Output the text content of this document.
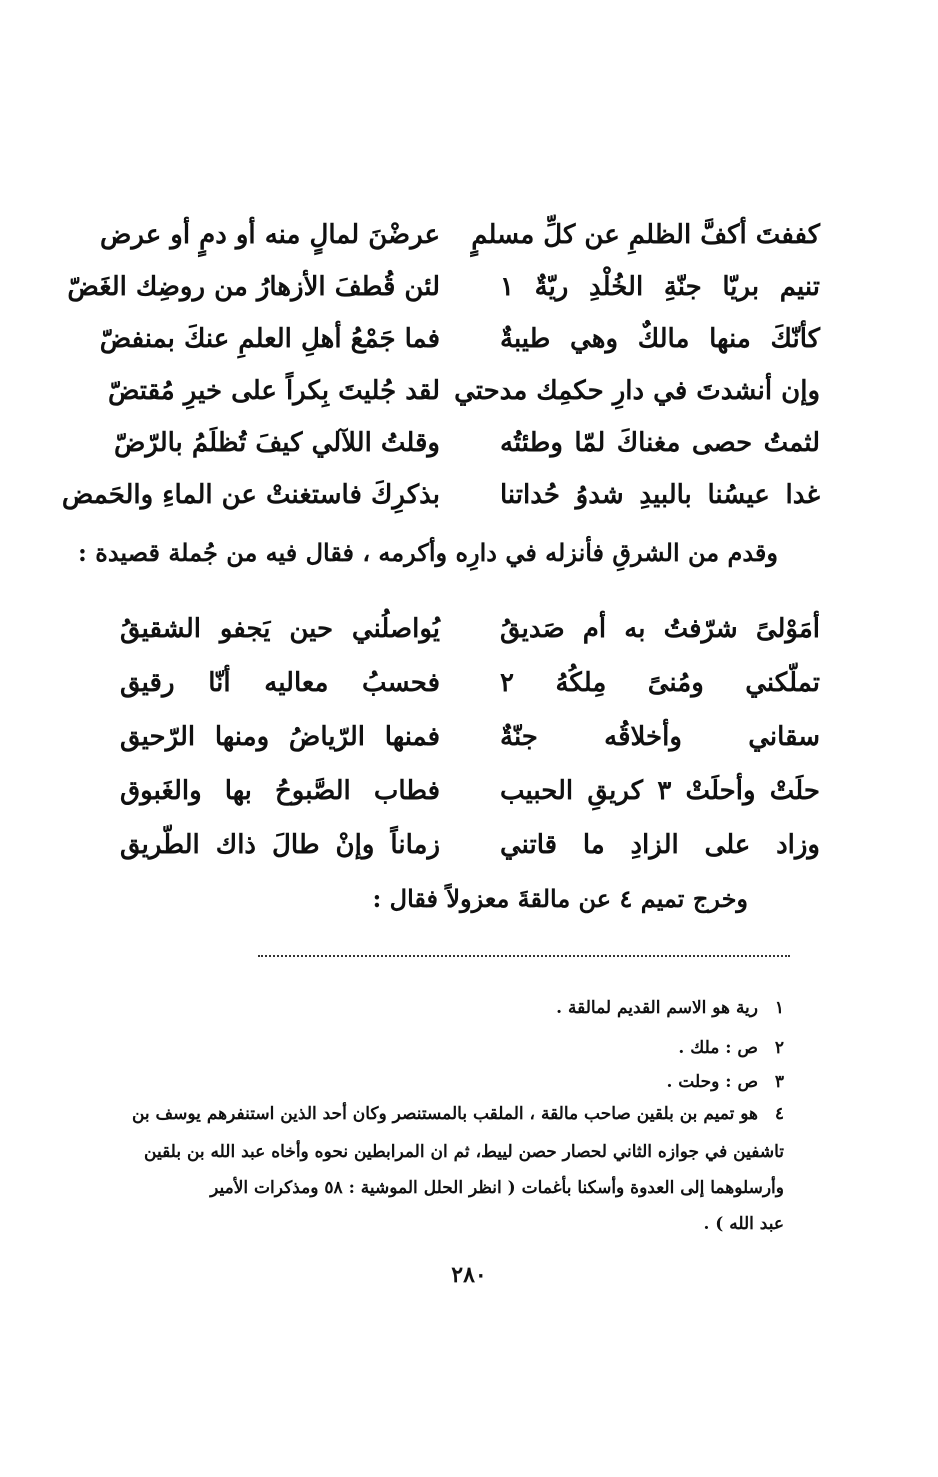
كففتَ أكفَّ الظلمِ عن كلِّ مسلمٍ
عرضْنَ لمالٍ منه أو دمٍ أو عرض
تنيم بريّا جنّةِ الخُلْدِ ريّةٌ ١
لئن قُطفَ الأزهارُ من روضِك الغَضّ
كأنّكَ منها مالكٌ وهي طيبةٌ
فما جَمْعُ أهلِ العلمِ عنكَ بمنفضّ
وإن أنشدتَ في دارِ حكمِك مدحتي
لقد جُليتَ بِكراً على خيرِ مُقتضّ
لثمتُ حصى مغناكَ لمّا وطئتُه
وقلتُ اللآلي كيفَ تُظلَمُ بالرّضّ
غدا عيسُنا بالبيدِ شدوُ حُداتنا
بذكرِكَ فاستغنتْ عن الماءِ والحَمض
وقدم من الشرقِ فأنزله في دارِه وأكرمه ، فقال فيه من جُملة قصيدة :
أمَوْلىً شرّفتُ به أم صَديقُ
يُواصلُني حين يَجفو الشقيقُ
تملّكني ومُنىً مِلكُهُ ٢
فحسبُ معاليه أنّا رقيق
سقاني وأخلاقُه جنّةٌ
فمنها الرّياضُ ومنها الرّحيق
حلَتْ وأحلَتْ ٣ كريقِ الحبيب
فطاب الصَّبوحُ بها والغَبوق
وزاد على الزادِ ما قاتني
زماناً وإنْ طالَ ذاك الطّريق
وخرج تميم ٤ عن مالقةَ معزولاً فقال :
١رية هو الاسم القديم لمالقة .
٢ص : ملك .
٣ص : وحلت .
٤هو تميم بن بلقين صاحب مالقة ، الملقب بالمستنصر وكان أحد الذين استنفرهم يوسف بن
تاشفين في جوازه الثاني لحصار حصن لييط، ثم ان المرابطين نحوه وأخاه عبد الله بن بلقين
وأرسلوهما إلى العدوة وأسكنا بأغمات ( انظر الحلل الموشية : ٥٨ ومذكرات الأمير
عبد الله ) .
٢٨٠
